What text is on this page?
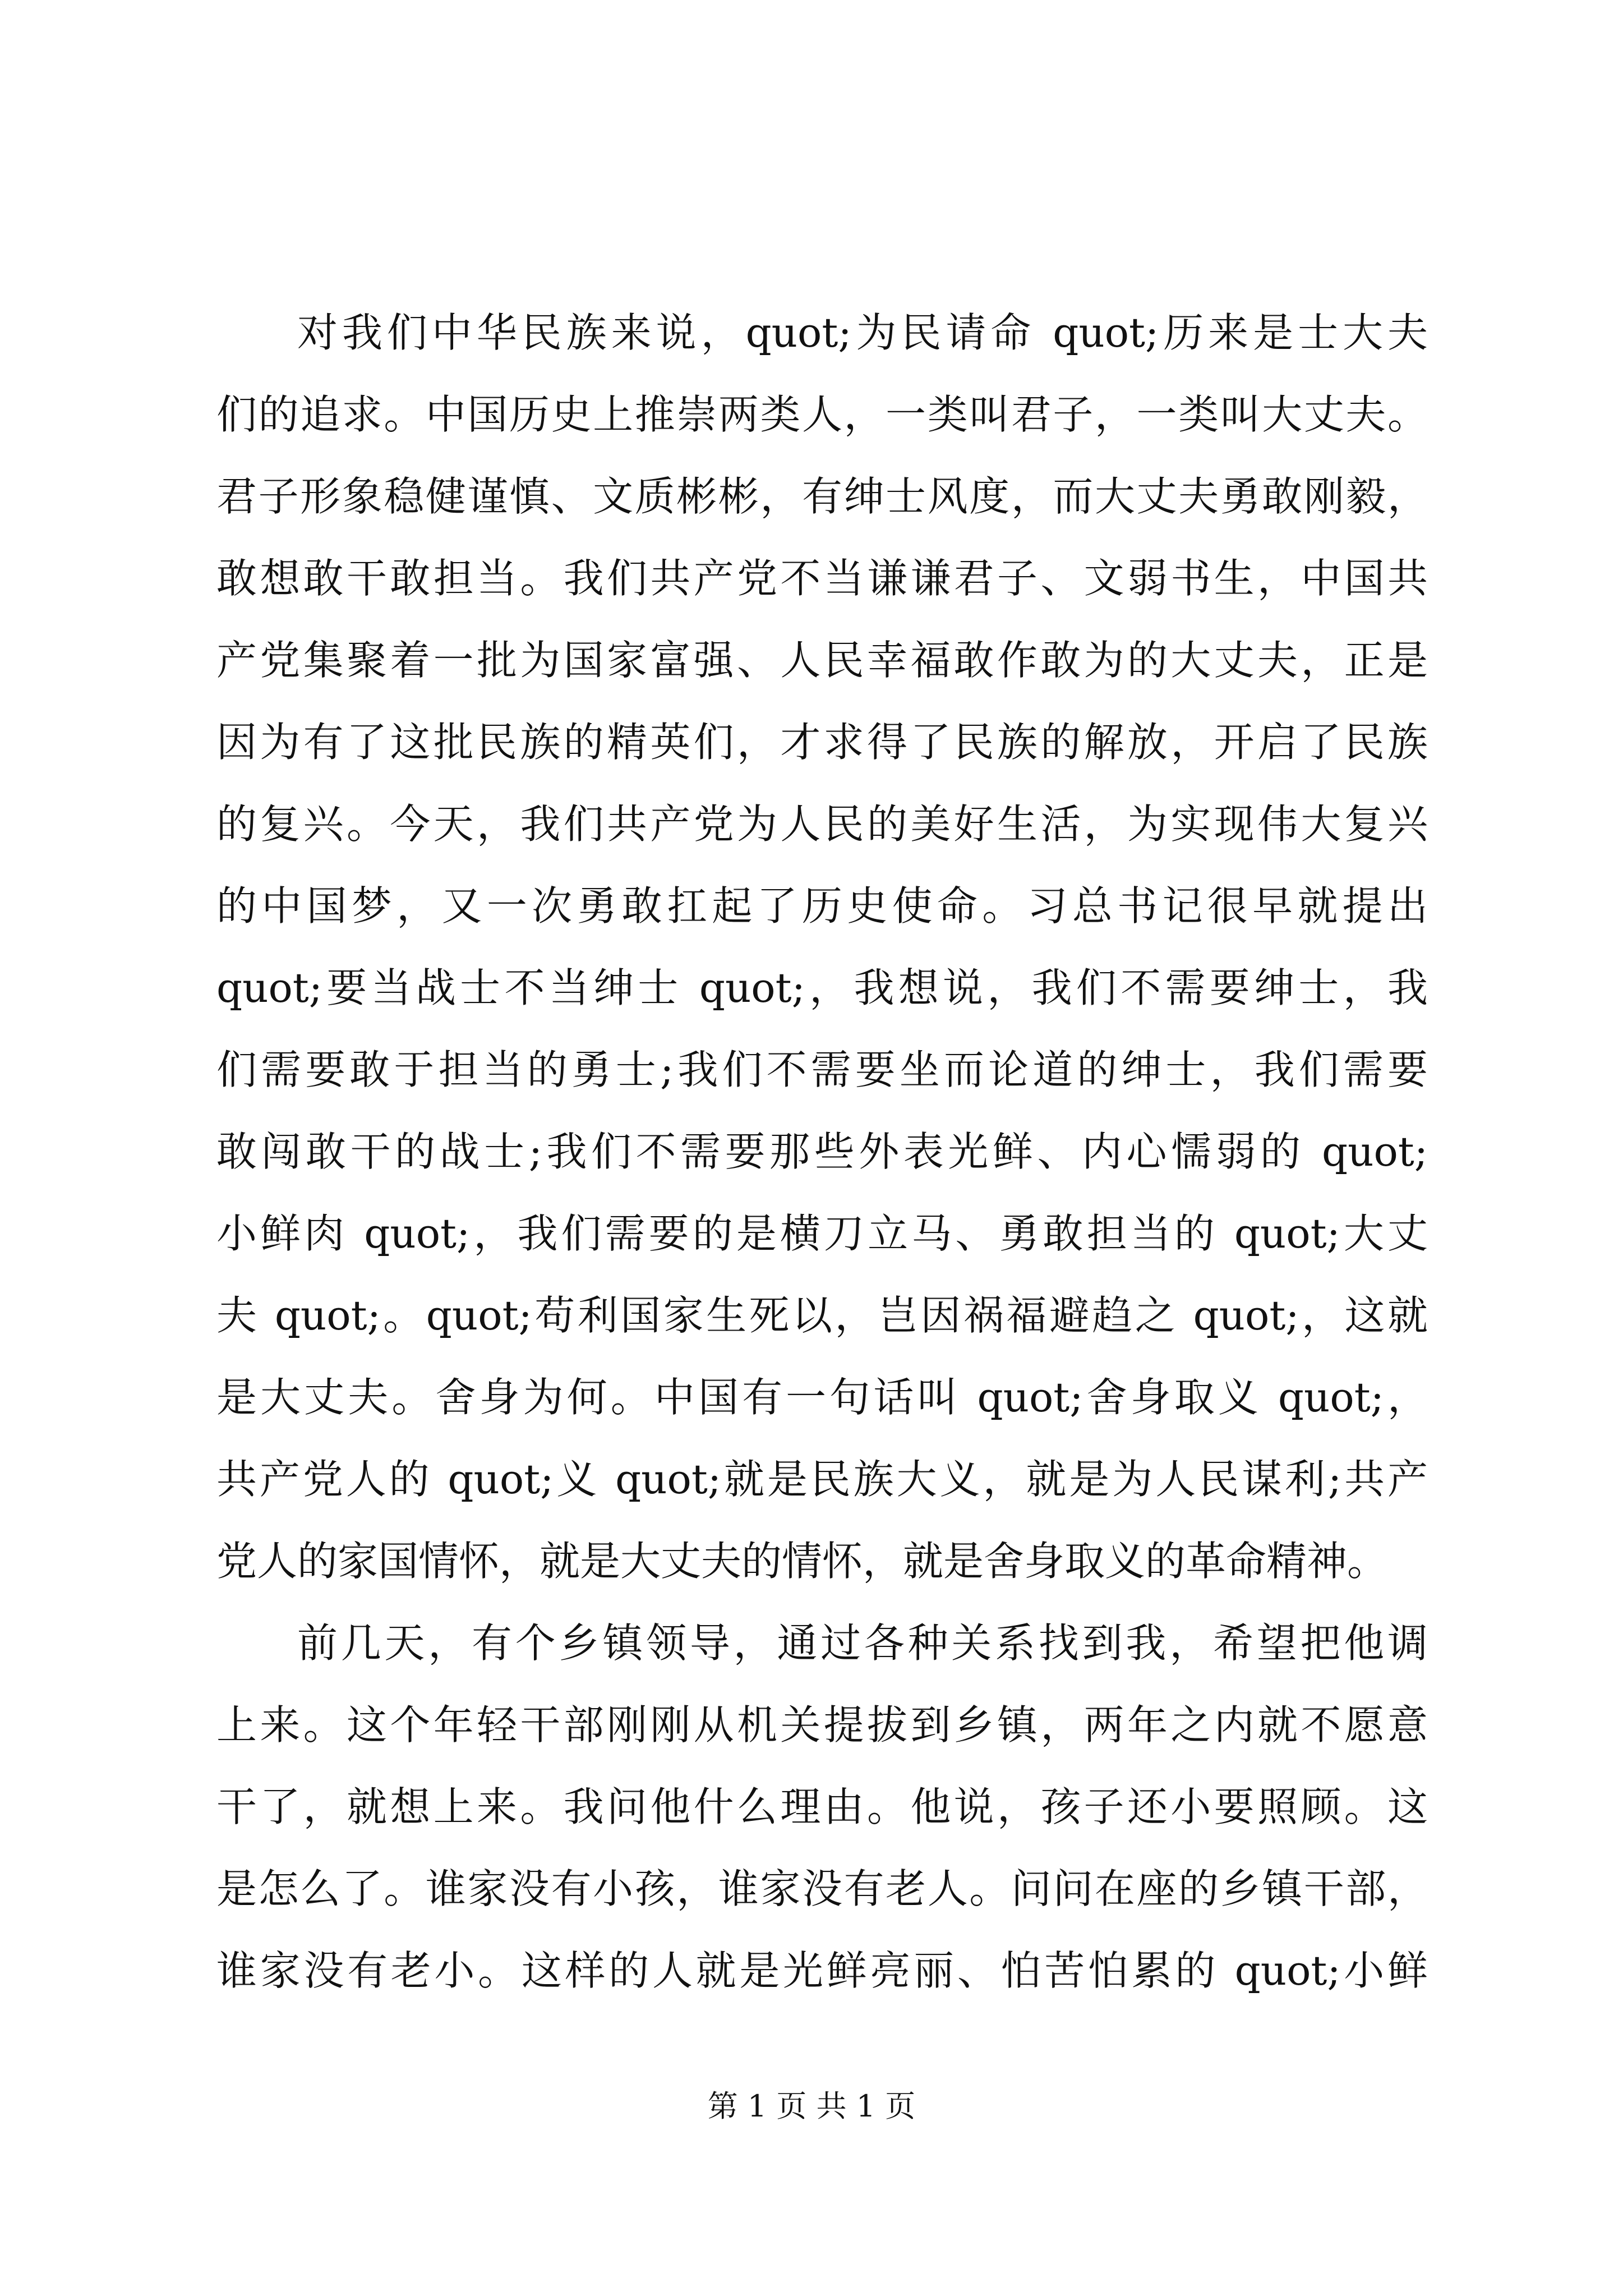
对我们中华民族来说，quot;为民请命 quot;历来是士大夫
们的追求。中国历史上推崇两类人，一类叫君子，一类叫大丈夫。
君子形象稳健谨慎、文质彬彬，有绅士风度，而大丈夫勇敢刚毅，
敢想敢干敢担当。我们共产党不当谦谦君子、文弱书生，中国共
产党集聚着一批为国家富强、人民幸福敢作敢为的大丈夫，正是
因为有了这批民族的精英们，才求得了民族的解放，开启了民族
的复兴。今天，我们共产党为人民的美好生活，为实现伟大复兴
的中国梦，又一次勇敢扛起了历史使命。习总书记很早就提出
quot;要当战士不当绅士 quot;，我想说，我们不需要绅士，我
们需要敢于担当的勇士;我们不需要坐而论道的绅士，我们需要
敢闯敢干的战士;我们不需要那些外表光鲜、内心懦弱的 quot;
小鲜肉 quot;，我们需要的是横刀立马、勇敢担当的 quot;大丈
夫 quot;。quot;苟利国家生死以，岂因祸福避趋之 quot;，这就
是大丈夫。舍身为何。中国有一句话叫 quot;舍身取义 quot;，
共产党人的 quot;义 quot;就是民族大义，就是为人民谋利;共产
党人的家国情怀，就是大丈夫的情怀，就是舍身取义的革命精神。
前几天，有个乡镇领导，通过各种关系找到我，希望把他调
上来。这个年轻干部刚刚从机关提拔到乡镇，两年之内就不愿意
干了，就想上来。我问他什么理由。他说，孩子还小要照顾。这
是怎么了。谁家没有小孩，谁家没有老人。问问在座的乡镇干部，
谁家没有老小。这样的人就是光鲜亮丽、怕苦怕累的 quot;小鲜
第 1 页 共 1 页
